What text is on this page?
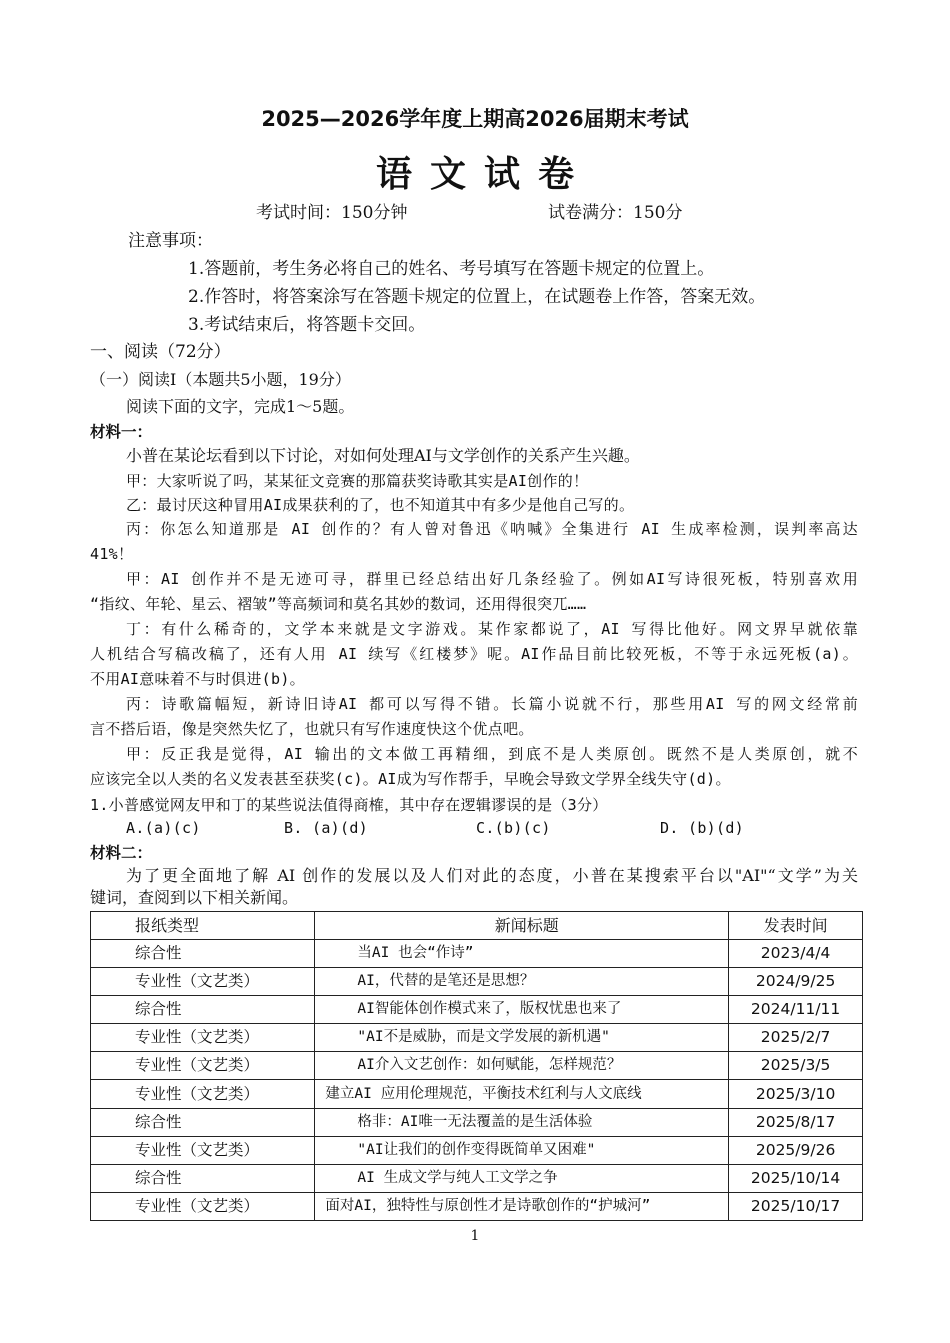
2025—2026学年度上期高2026届期末考试
语文试卷
考试时间：150分钟	试卷满分：150分
注意事项：
1.答题前，考生务必将自己的姓名、考号填写在答题卡规定的位置上。
2.作答时，将答案涂写在答题卡规定的位置上，在试题卷上作答，答案无效。
3.考试结束后，将答题卡交回。
一、阅读（72分）
（一）阅读Ⅰ（本题共5小题，19分）
阅读下面的文字，完成1～5题。
材料一：
小普在某论坛看到以下讨论，对如何处理AI与文学创作的关系产生兴趣。
甲：大家听说了吗，某某征文竞赛的那篇获奖诗歌其实是AI创作的！
乙：最讨厌这种冒用AI成果获利的了，也不知道其中有多少是他自己写的。
丙：你怎么知道那是 AI 创作的？有人曾对鲁迅《呐喊》全集进行 AI 生成率检测，误判率高达
41%！
甲：AI 创作并不是无迹可寻，群里已经总结出好几条经验了。例如AI写诗很死板，特别喜欢用
“指纹、年轮、星云、褶皱”等高频词和莫名其妙的数词，还用得很突兀……
丁：有什么稀奇的，文学本来就是文字游戏。某作家都说了，AI 写得比他好。网文界早就依靠
人机结合写稿改稿了，还有人用 AI 续写《红楼梦》呢。AI作品目前比较死板，不等于永远死板(a)。
不用AI意味着不与时俱进(b)。
丙：诗歌篇幅短，新诗旧诗AI 都可以写得不错。长篇小说就不行，那些用AI 写的网文经常前
言不搭后语，像是突然失忆了，也就只有写作速度快这个优点吧。
甲：反正我是觉得，AI 输出的文本做工再精细，到底不是人类原创。既然不是人类原创，就不
应该完全以人类的名义发表甚至获奖(c)。AI成为写作帮手，早晚会导致文学界全线失守(d)。
1.小普感觉网友甲和丁的某些说法值得商榷，其中存在逻辑谬误的是（3分）
A.(a)(c)	B. (a)(d)	C.(b)(c)	D. (b)(d)
材料二：
为了更全面地了解 AI 创作的发展以及人们对此的态度，小普在某搜索平台以"AI"“文学”为关
键词，查阅到以下相关新闻。
报纸类型	新闻标题	发表时间
综合性	当AI 也会“作诗”	2023/4/4
专业性（文艺类）	AI，代替的是笔还是思想？	2024/9/25
综合性	AI智能体创作模式来了，版权忧患也来了	2024/11/11
专业性（文艺类）	"AI不是威胁，而是文学发展的新机遇"	2025/2/7
专业性（文艺类）	AI介入文艺创作：如何赋能，怎样规范？	2025/3/5
专业性（文艺类）	建立AI 应用伦理规范，平衡技术红利与人文底线	2025/3/10
综合性	格非：AI唯一无法覆盖的是生活体验	2025/8/17
专业性（文艺类）	"AI让我们的创作变得既简单又困难"	2025/9/26
综合性	AI 生成文学与纯人工文学之争	2025/10/14
专业性（文艺类）	面对AI，独特性与原创性才是诗歌创作的“护城河”	2025/10/17
1
